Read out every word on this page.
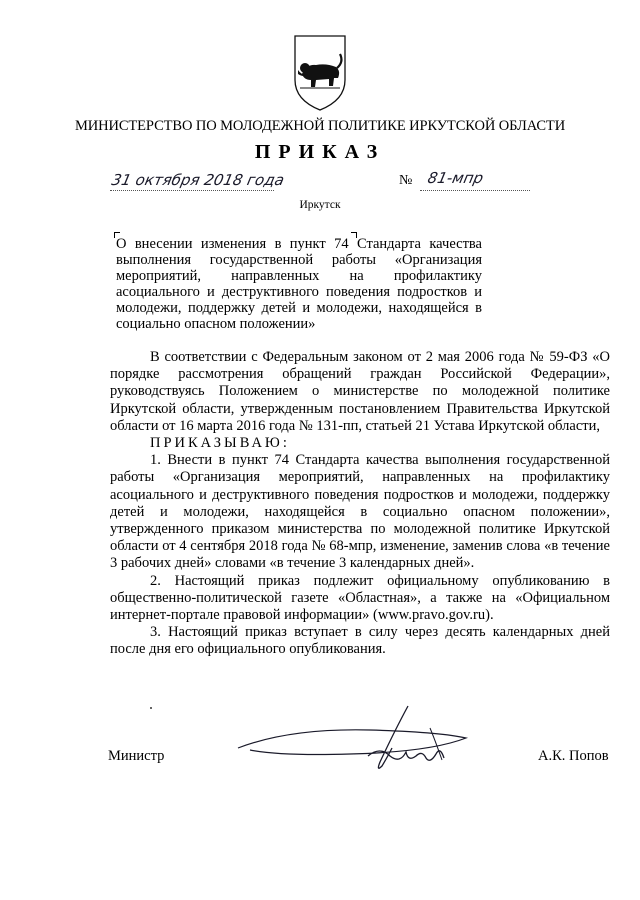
МИНИСТЕРСТВО ПО МОЛОДЕЖНОЙ ПОЛИТИКЕ ИРКУТСКОЙ ОБЛАСТИ
ПРИКАЗ
31 октября 2018 года	№ 81-мпр
Иркутск
О внесении изменения в пункт 74 Стандарта качества выполнения государственной работы «Организация мероприятий, направленных на профилактику асоциального и деструктивного поведения подростков и молодежи, поддержку детей и молодежи, находящейся в социально опасном положении»

В соответствии с Федеральным законом от 2 мая 2006 года № 59-ФЗ «О порядке рассмотрения обращений граждан Российской Федерации», руководствуясь Положением о министерстве по молодежной политике Иркутской области, утвержденным постановлением Правительства Иркутской области от 16 марта 2016 года № 131-пп, статьей 21 Устава Иркутской области,

ПРИКАЗЫВАЮ:

1. Внести в пункт 74 Стандарта качества выполнения государственной работы «Организация мероприятий, направленных на профилактику асоциального и деструктивного поведения подростков и молодежи, поддержку детей и молодежи, находящейся в социально опасном положении», утвержденного приказом министерства по молодежной политике Иркутской области от 4 сентября 2018 года № 68-мпр, изменение, заменив слова «в течение 3 рабочих дней» словами «в течение 3 календарных дней».

2. Настоящий приказ подлежит официальному опубликованию в общественно-политической газете «Областная», а также на «Официальном интернет-портале правовой информации» (www.pravo.gov.ru).

3. Настоящий приказ вступает в силу через десять календарных дней после дня его официального опубликования.

Министр	А.К. Попов
